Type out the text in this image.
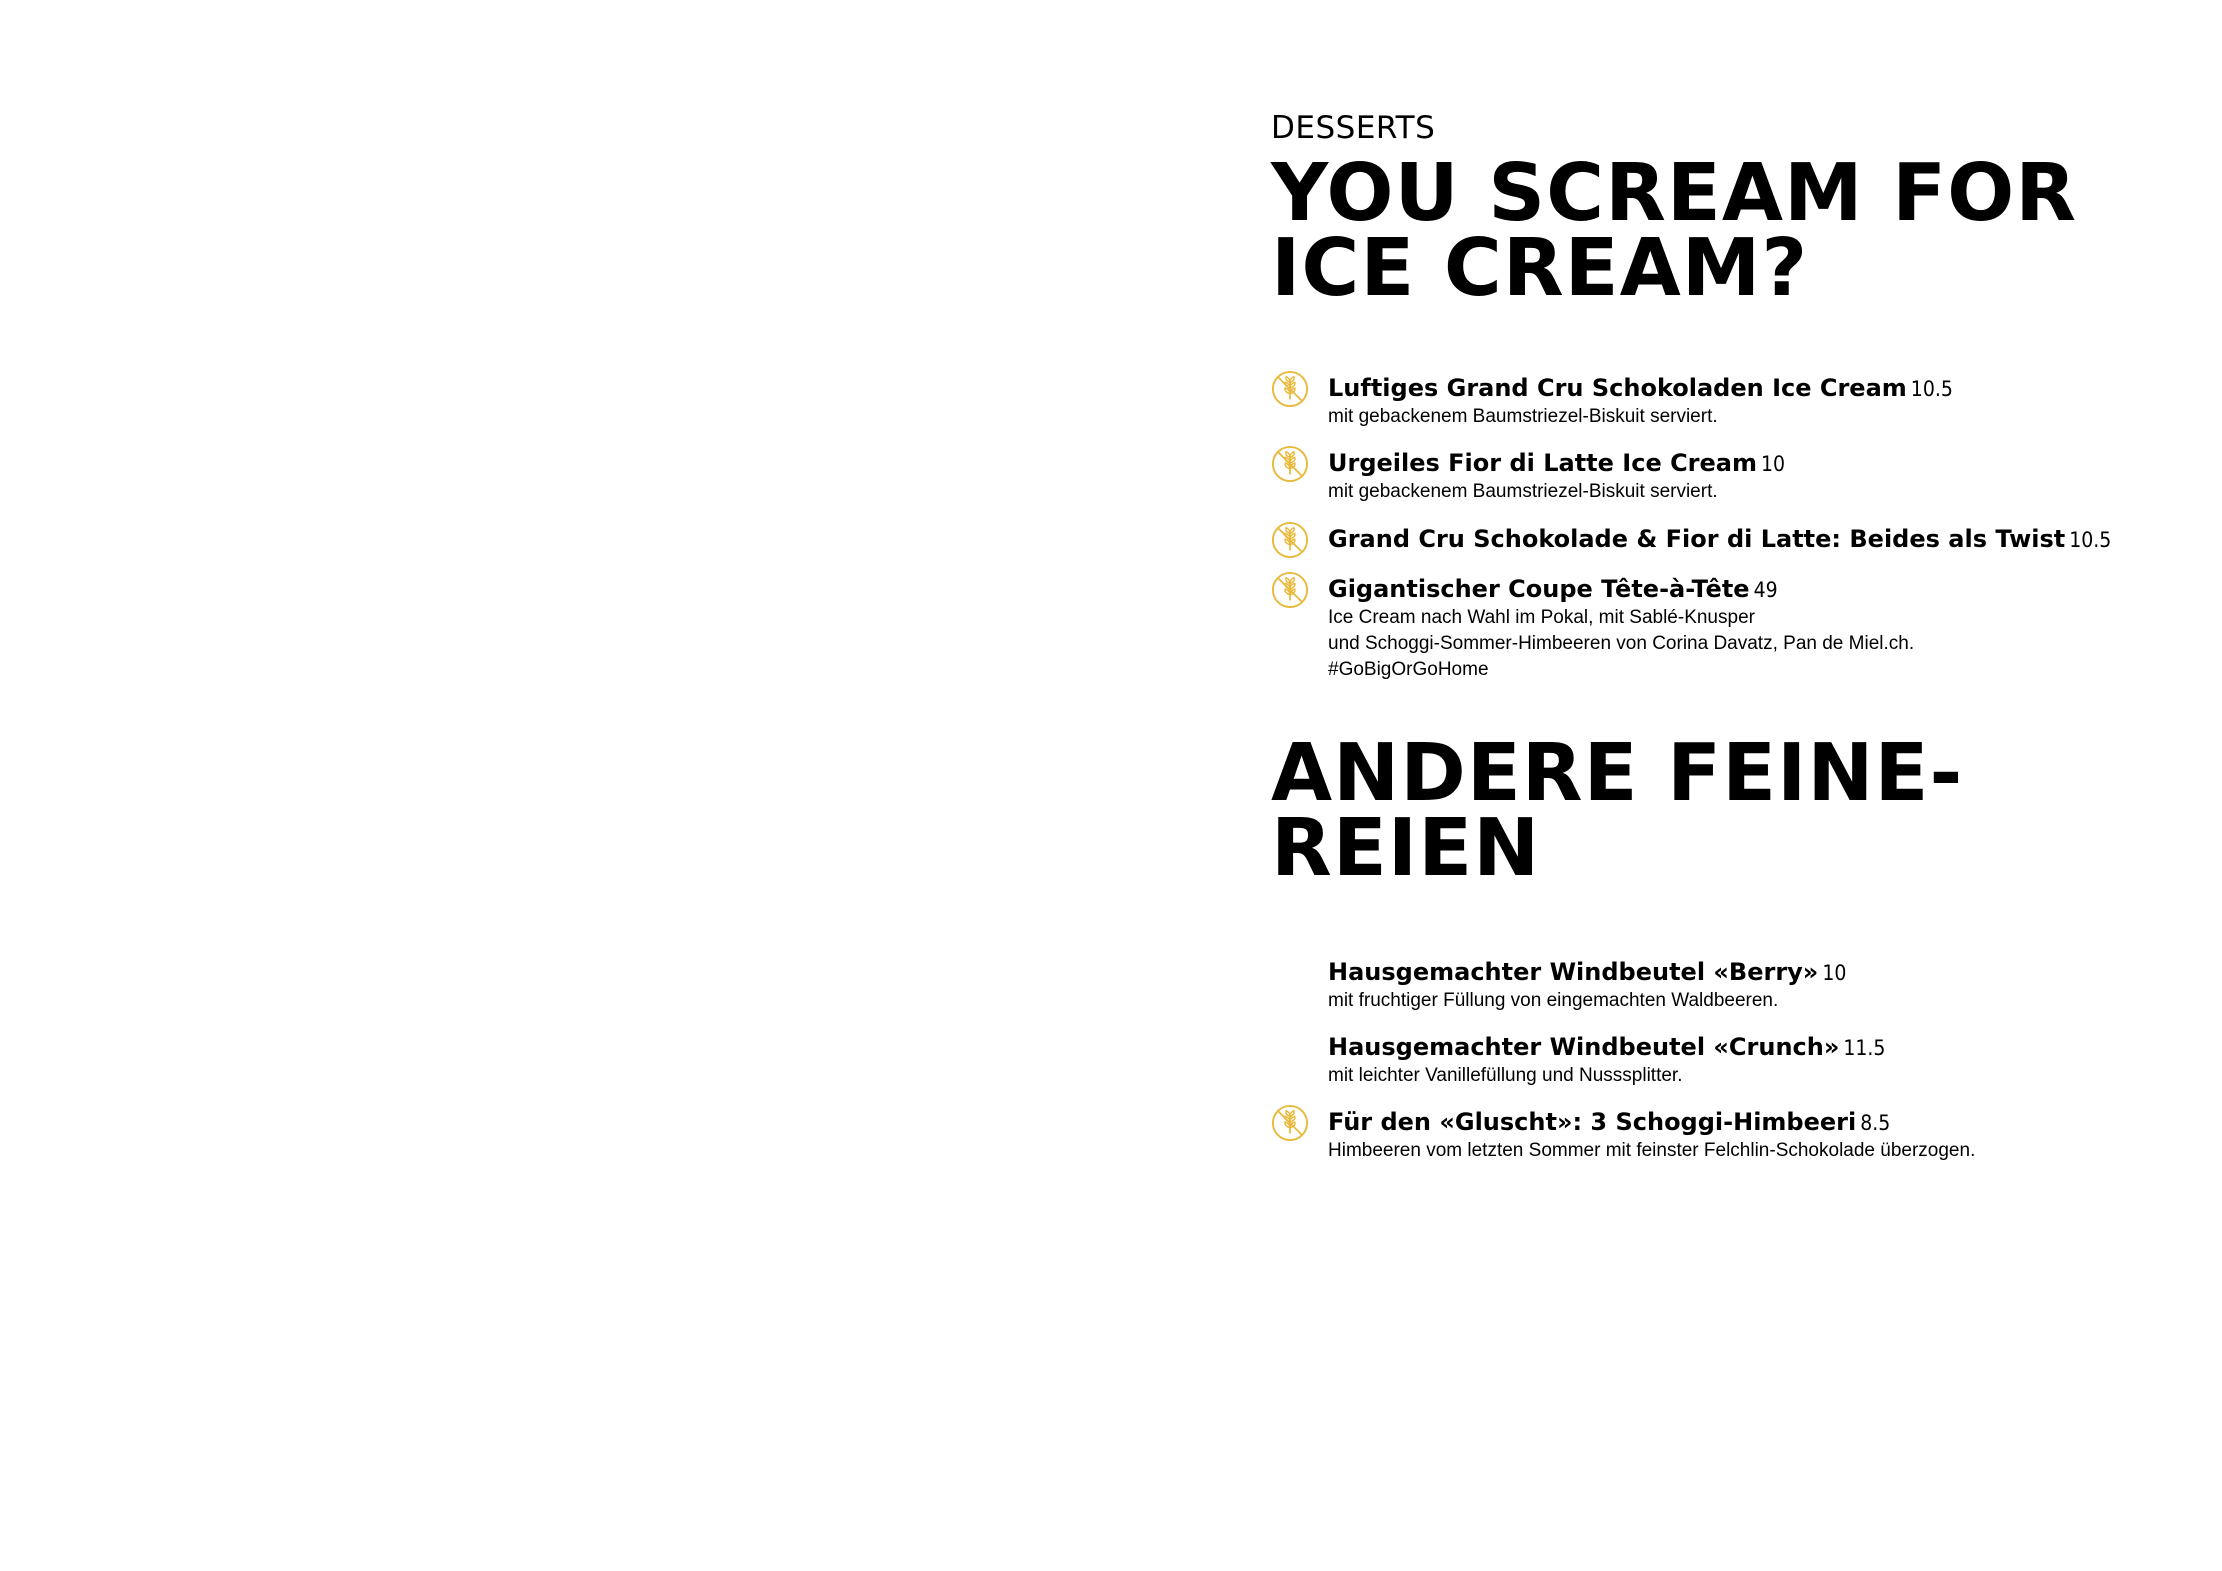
DESSERTS
YOU SCREAM FOR
ICE CREAM?
Luftiges Grand Cru Schokoladen Ice Cream 10.5
mit gebackenem Baumstriezel-Biskuit serviert.
Urgeiles Fior di Latte Ice Cream 10
mit gebackenem Baumstriezel-Biskuit serviert.
Grand Cru Schokolade & Fior di Latte: Beides als Twist 10.5
Gigantischer Coupe Tête-à-Tête 49
Ice Cream nach Wahl im Pokal, mit Sablé-Knusper
und Schoggi-Sommer-Himbeeren von Corina Davatz, Pan de Miel.ch.
#GoBigOrGoHome
ANDERE FEINE-
REIEN
Hausgemachter Windbeutel «Berry» 10
mit fruchtiger Füllung von eingemachten Waldbeeren.
Hausgemachter Windbeutel «Crunch» 11.5
mit leichter Vanillefüllung und Nusssplitter.
Für den «Gluscht»: 3 Schoggi-Himbeeri 8.5
Himbeeren vom letzten Sommer mit feinster Felchlin-Schokolade überzogen.
